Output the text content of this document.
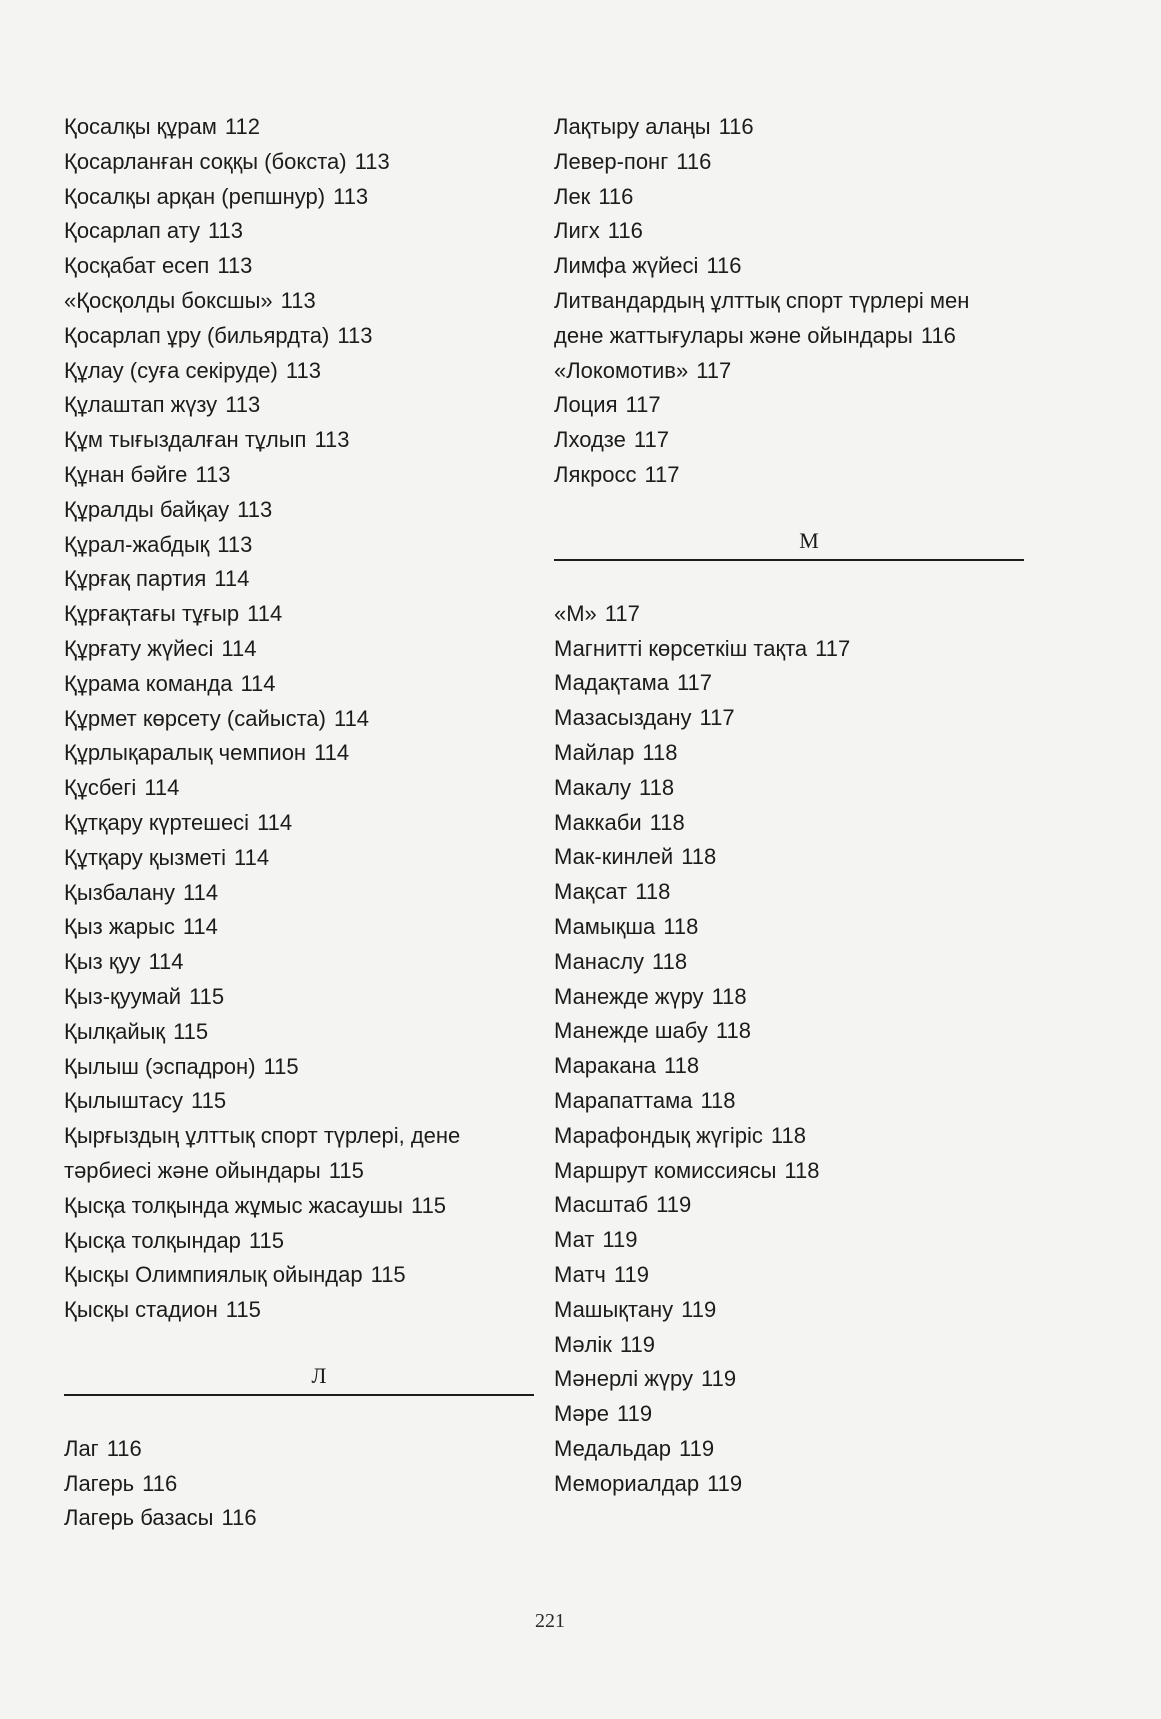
Қосалқы құрам 112
Қосарланған соққы (бокста) 113
Қосалқы арқан (репшнур) 113
Қосарлап ату 113
Қосқабат есеп 113
«Қосқолды боксшы» 113
Қосарлап ұру (бильярдта) 113
Құлау (суға секіруде) 113
Құлаштап жүзу 113
Құм тығыздалған тұлып 113
Құнан бәйге 113
Құралды байқау 113
Құрал-жабдық 113
Құрғақ партия 114
Құрғақтағы тұғыр 114
Құрғату жүйесі 114
Құрама команда 114
Құрмет көрсету (сайыста) 114
Құрлықаралық чемпион 114
Құсбегі 114
Құтқару күртешесі 114
Құтқару қызметі 114
Қызбалану 114
Қыз жарыс 114
Қыз қуу 114
Қыз-қуумай 115
Қылқайық 115
Қылыш (эспадрон) 115
Қылыштасу 115
Қырғыздың ұлттық спорт түрлері, дене тәрбиесі және ойындары 115
Қысқа толқында жұмыс жасаушы 115
Қысқа толқындар 115
Қысқы Олимпиялық ойындар 115
Қысқы стадион 115
Л
Лаг 116
Лагерь 116
Лагерь базасы 116
Лақтыру алаңы 116
Левер-понг 116
Лек 116
Лигх 116
Лимфа жүйесі 116
Литвандардың ұлттық спорт түрлері мен дене жаттығулары және ойындары 116
«Локомотив» 117
Лоция 117
Лходзе 117
Лякросс 117
М
«М» 117
Магнитті көрсеткіш тақта 117
Мадақтама 117
Мазасыздану 117
Майлар 118
Макалу 118
Маккаби 118
Мак-кинлей 118
Мақсат 118
Мамықша 118
Манаслу 118
Манежде жүру 118
Манежде шабу 118
Маракана 118
Марапаттама 118
Марафондық жүгіріс 118
Маршрут комиссиясы 118
Масштаб 119
Мат 119
Матч 119
Машықтану 119
Мәлік 119
Мәнерлі жүру 119
Мәре 119
Медальдар 119
Мемориалдар 119
221
